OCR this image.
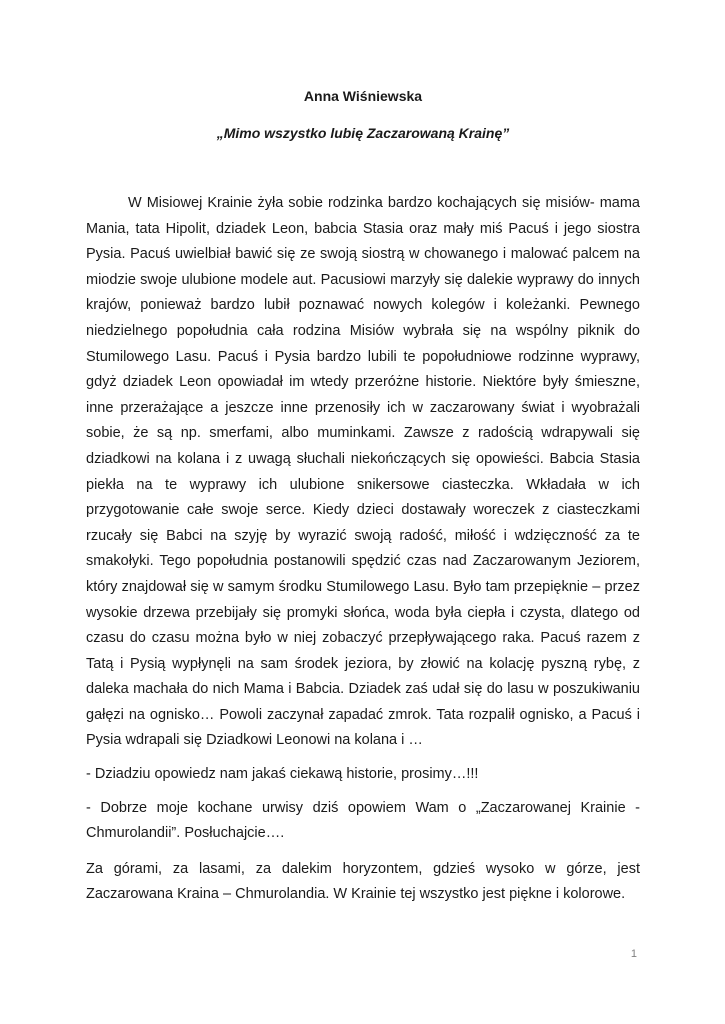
Anna Wiśniewska

„Mimo wszystko lubię Zaczarowaną Krainę”

W Misiowej Krainie żyła sobie rodzinka bardzo kochających się misiów- mama Mania, tata Hipolit, dziadek Leon, babcia Stasia oraz mały miś Pacuś i jego siostra Pysia. Pacuś uwielbiał bawić się ze swoją siostrą w chowanego i malować palcem na miodzie swoje ulubione modele aut. Pacusiowi marzyły się dalekie wyprawy do innych krajów, ponieważ bardzo lubił poznawać nowych kolegów i koleżanki. Pewnego niedzielnego popołudnia cała rodzina Misiów wybrała się na wspólny piknik do Stumilowego Lasu. Pacuś i Pysia bardzo lubili te popołudniowe rodzinne wyprawy, gdyż dziadek Leon opowiadał im wtedy przeróżne historie. Niektóre były śmieszne, inne przerażające a jeszcze inne przenosiły ich w zaczarowany świat i wyobrażali sobie, że są np. smerfami, albo muminkami. Zawsze z radością wdrapywali się dziadkowi na kolana i z uwagą słuchali niekończących się opowieści. Babcia Stasia piekła na te wyprawy ich ulubione snikersowe ciasteczka. Wkładała w ich przygotowanie całe swoje serce. Kiedy dzieci dostawały woreczek z ciasteczkami rzucały się Babci na szyję by wyrazić swoją radość, miłość i wdzięczność za te smakołyki. Tego popołudnia postanowili spędzić czas nad Zaczarowanym Jeziorem, który znajdował się w samym środku Stumilowego Lasu. Było tam przepięknie – przez wysokie drzewa przebijały się promyki słońca, woda była ciepła i czysta, dlatego od czasu do czasu można było w niej zobaczyć przepływającego raka. Pacuś razem z Tatą i Pysią wypłynęli na sam środek jeziora, by złowić na kolację pyszną rybę, z daleka machała do nich Mama i Babcia. Dziadek zaś udał się do lasu w poszukiwaniu gałęzi na ognisko… Powoli zaczynał zapadać zmrok. Tata rozpalił ognisko, a Pacuś i Pysia wdrapali się Dziadkowi Leonowi na kolana i …

- Dziadziu opowiedz nam jakaś ciekawą historie, prosimy…!!!

- Dobrze moje kochane urwisy dziś opowiem Wam o „Zaczarowanej Krainie - Chmurolandii”. Posłuchajcie….

Za górami, za lasami, za dalekim horyzontem, gdzieś wysoko w górze, jest Zaczarowana Kraina – Chmurolandia. W Krainie tej wszystko jest piękne i kolorowe.

1
